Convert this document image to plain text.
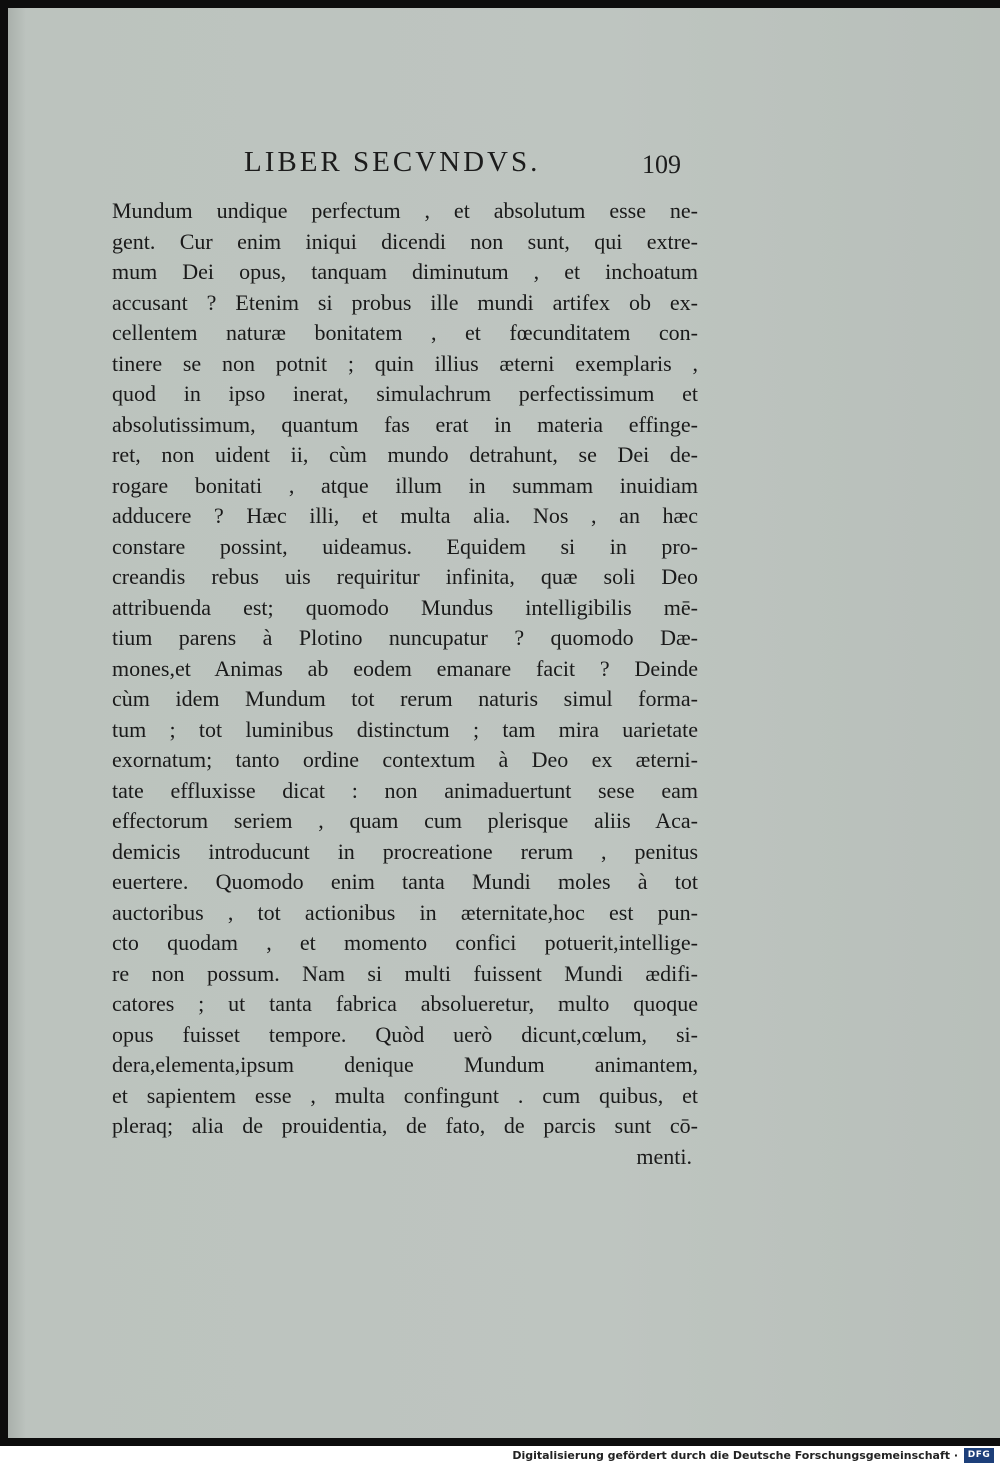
LIBER SECVNDVS.	109
Mundum undique perfectum , et absolutum esse ne-
gent. Cur enim iniqui dicendi non sunt, qui extre-
mum Dei opus, tanquam diminutum , et inchoatum
accusant ? Etenim si probus ille mundi artifex ob ex-
cellentem naturæ bonitatem , et fœcunditatem con-
tinere se non potnit ; quin illius æterni exemplaris ,
quod in ipso inerat, simulachrum perfectissimum et
absolutissimum, quantum fas erat in materia effinge-
ret, non uident ii, cùm mundo detrahunt, se Dei de-
rogare bonitati , atque illum in summam inuidiam
adducere ? Hæc illi, et multa alia. Nos , an hæc
constare possint, uideamus. Equidem si in pro-
creandis rebus uis requiritur infinita, quæ soli Deo
attribuenda est; quomodo Mundus intelligibilis mē-
tium parens à Plotino nuncupatur ? quomodo Dæ-
mones,et Animas ab eodem emanare facit ? Deinde
cùm idem Mundum tot rerum naturis simul forma-
tum ; tot luminibus distinctum ; tam mira uarietate
exornatum; tanto ordine contextum à Deo ex æterni-
tate effluxisse dicat : non animaduertunt sese eam
effectorum seriem , quam cum plerisque aliis Aca-
demicis introducunt in procreatione rerum , penitus
euertere. Quomodo enim tanta Mundi moles à tot
auctoribus , tot actionibus in æternitate,hoc est pun-
cto quodam , et momento confici potuerit,intellige-
re non possum. Nam si multi fuissent Mundi ædifi-
catores ; ut tanta fabrica absolueretur, multo quoque
opus fuisset tempore. Quòd uerò dicunt,cœlum, si-
dera,elementa,ipsum denique Mundum animantem,
et sapientem esse , multa confingunt . cum quibus, et
pleraq; alia de prouidentia, de fato, de parcis sunt cō-
menti.
Digitalisierung gefördert durch die Deutsche Forschungsgemeinschaft ·	DFG
